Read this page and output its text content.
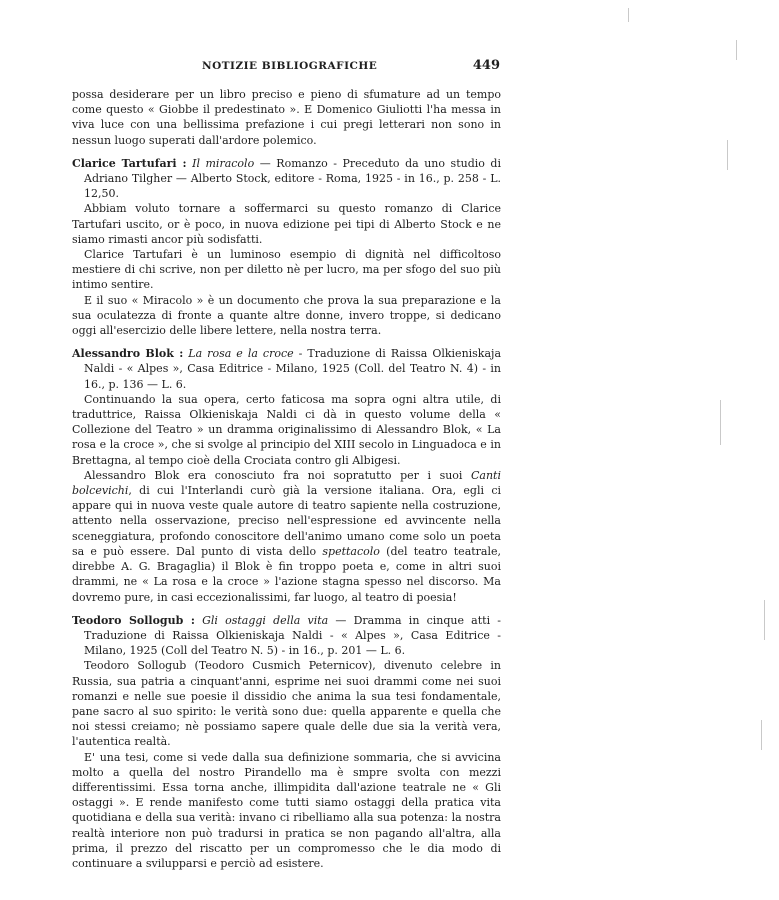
NOTIZIE BIBLIOGRAFICHE	449

possa desiderare per un libro preciso e pieno di sfumature ad un tempo come questo « Giobbe il predestinato ». E Domenico Giuliotti l'ha messa in viva luce con una bellissima prefazione i cui pregi letterari non sono in nessun luogo superati dall'ardore polemico.

Clarice Tartufari : Il miracolo — Romanzo - Preceduto da uno studio di Adriano Tilgher — Alberto Stock, editore - Roma, 1925 - in 16., p. 258 - L. 12,50.

Abbiam voluto tornare a soffermarci su questo romanzo di Clarice Tartufari uscito, or è poco, in nuova edizione pei tipi di Alberto Stock e ne siamo rimasti ancor più sodisfatti.

Clarice Tartufari è un luminoso esempio di dignità nel difficoltoso mestiere di chi scrive, non per diletto nè per lucro, ma per sfogo del suo più intimo sentire.

E il suo « Miracolo » è un documento che prova la sua preparazione e la sua oculatezza di fronte a quante altre donne, invero troppe, si dedicano oggi all'esercizio delle libere lettere, nella nostra terra.

Alessandro Blok : La rosa e la croce - Traduzione di Raissa Olkieniskaja Naldi - « Alpes », Casa Editrice - Milano, 1925 (Coll. del Teatro N. 4) - in 16., p. 136 — L. 6.

Continuando la sua opera, certo faticosa ma sopra ogni altra utile, di traduttrice, Raissa Olkieniskaja Naldi ci dà in questo volume della « Collezione del Teatro » un dramma originalissimo di Alessandro Blok, « La rosa e la croce », che si svolge al principio del XIII secolo in Linguadoca e in Brettagna, al tempo cioè della Crociata contro gli Albigesi.

Alessandro Blok era conosciuto fra noi sopratutto per i suoi Canti bolcevichi, di cui l'Interlandi curò già la versione italiana. Ora, egli ci appare qui in nuova veste quale autore di teatro sapiente nella costruzione, attento nella osservazione, preciso nell'espressione ed avvincente nella sceneggiatura, profondo conoscitore dell'animo umano come solo un poeta sa e può essere. Dal punto di vista dello spettacolo (del teatro teatrale, direbbe A. G. Bragaglia) il Blok è fin troppo poeta e, come in altri suoi drammi, ne « La rosa e la croce » l'azione stagna spesso nel discorso. Ma dovremo pure, in casi eccezionalissimi, far luogo, al teatro di poesia!

Teodoro Sollogub : Gli ostaggi della vita — Dramma in cinque atti - Traduzione di Raissa Olkieniskaja Naldi - « Alpes », Casa Editrice - Milano, 1925 (Coll del Teatro N. 5) - in 16., p. 201 — L. 6.

Teodoro Sollogub (Teodoro Cusmich Peternicov), divenuto celebre in Russia, sua patria a cinquant'anni, esprime nei suoi drammi come nei suoi romanzi e nelle sue poesie il dissidio che anima la sua tesi fondamentale, pane sacro al suo spirito: le verità sono due: quella apparente e quella che noi stessi creiamo; nè possiamo sapere quale delle due sia la verità vera, l'autentica realtà.

E' una tesi, come si vede dalla sua definizione sommaria, che si avvicina molto a quella del nostro Pirandello ma è smpre svolta con mezzi differentissimi. Essa torna anche, illimpidita dall'azione teatrale ne « Gli ostaggi ». E rende manifesto come tutti siamo ostaggi della pratica vita quotidiana e della sua verità: invano ci ribelliamo alla sua potenza: la nostra realtà interiore non può tradursi in pratica se non pagando all'altra, alla prima, il prezzo del riscatto per un compromesso che le dia modo di continuare a svilupparsi e perciò ad esistere.
